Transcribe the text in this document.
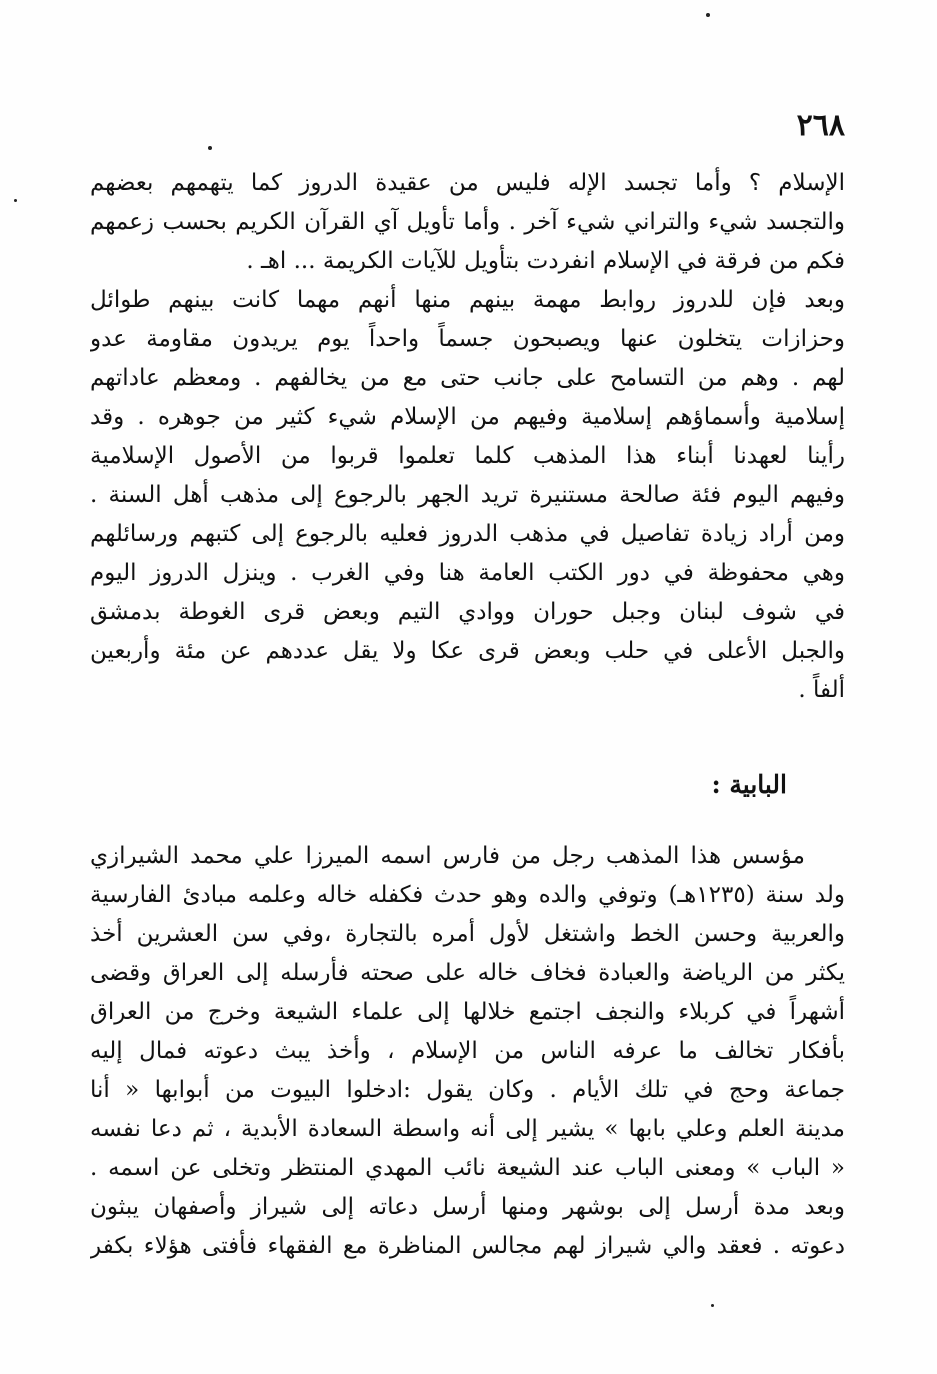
٢٦٨
الإسلام ؟ وأما تجسد الإله فليس من عقيدة الدروز كما يتهمهم بعضهم
والتجسد شيء والتراني شيء آخر . وأما تأويل آي القرآن الكريم بحسب زعمهم
فكم من فرقة في الإسلام انفردت بتأويل للآيات الكريمة ... اهـ .
وبعد فإن للدروز روابط مهمة بينهم منها أنهم مهما كانت بينهم طوائل
وحزازات يتخلون عنها ويصبحون جسماً واحداً يوم يريدون مقاومة عدو
لهم . وهم من التسامح على جانب حتى مع من يخالفهم . ومعظم عاداتهم
إسلامية وأسماؤهم إسلامية وفيهم من الإسلام شيء كثير من جوهره . وقد
رأينا لعهدنا أبناء هذا المذهب كلما تعلموا قربوا من الأصول الإسلامية
وفيهم اليوم فئة صالحة مستنيرة تريد الجهر بالرجوع إلى مذهب أهل السنة .
ومن أراد زيادة تفاصيل في مذهب الدروز فعليه بالرجوع إلى كتبهم ورسائلهم
وهي محفوظة في دور الكتب العامة هنا وفي الغرب . وينزل الدروز اليوم
في شوف لبنان وجبل حوران ووادي التيم وبعض قرى الغوطة بدمشق
والجبل الأعلى في حلب وبعض قرى عكا ولا يقل عددهم عن مئة وأربعين
ألفاً .
البابية :
مؤسس هذا المذهب رجل من فارس اسمه الميرزا علي محمد الشيرازي
ولد سنة (١٢٣٥هـ) وتوفي والده وهو حدث فكفله خاله وعلمه مبادئ الفارسية
والعربية وحسن الخط واشتغل لأول أمره بالتجارة ،وفي سن العشرين أخذ
يكثر من الرياضة والعبادة فخاف خاله على صحته فأرسله إلى العراق وقضى
أشهراً في كربلاء والنجف اجتمع خلالها إلى علماء الشيعة وخرج من العراق
بأفكار تخالف ما عرفه الناس من الإسلام ، وأخذ يبث دعوته فمال إليه
جماعة وحج في تلك الأيام . وكان يقول :ادخلوا البيوت من أبوابها « أنا
مدينة العلم وعلي بابها » يشير إلى أنه واسطة السعادة الأبدية ، ثم دعا نفسه
« الباب » ومعنى الباب عند الشيعة نائب المهدي المنتظر وتخلى عن اسمه .
وبعد مدة أرسل إلى بوشهر ومنها أرسل دعاته إلى شيراز وأصفهان يبثون
دعوته . فعقد والي شيراز لهم مجالس المناظرة مع الفقهاء فأفتى هؤلاء بكفر
